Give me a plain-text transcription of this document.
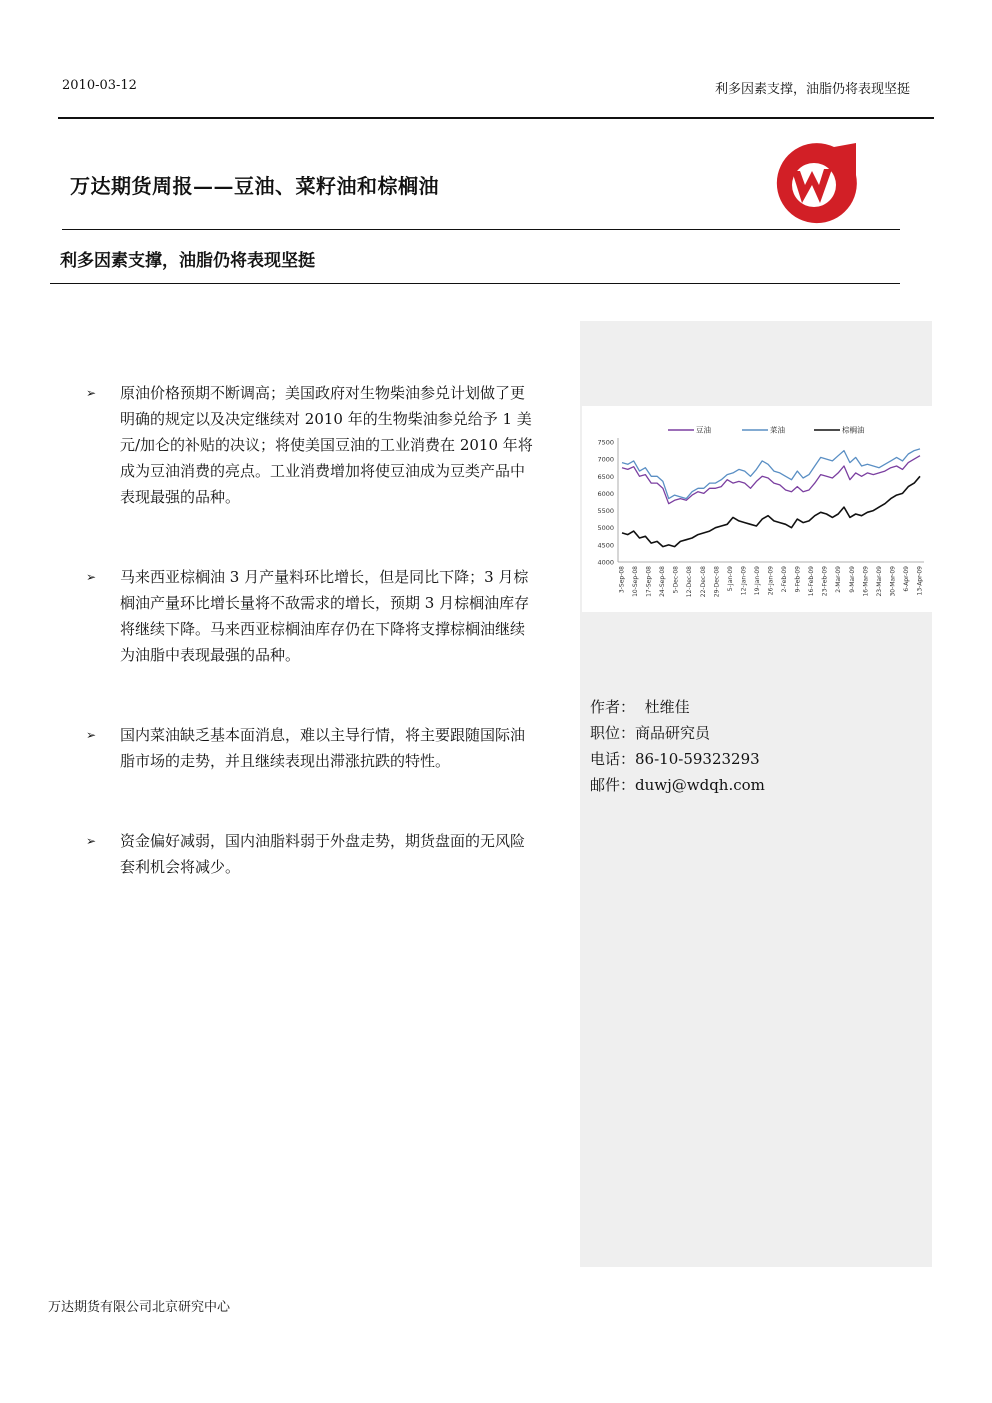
2010-03-12	利多因素支撑，油脂仍将表现坚挺
万达期货周报——豆油、菜籽油和棕榈油
利多因素支撑，油脂仍将表现坚挺
4000
4500
5000
5500
6000
6500
7000
7500
3-Sep-08 10-Sep-08 17-Sep-08 24-Sep-08 5-Dec-08 12-Dec-08 22-Dec-08 29-Dec-08 5-Jan-09 12-Jan-09 19-Jan-09 26-Jan-09 2-Feb-09 9-Feb-09 16-Feb-09 23-Feb-09 2-Mar-09 9-Mar-09 16-Mar-09 23-Mar-09 30-Mar-09 6-Apr-09 13-Apr-09
豆油	菜油	棕榈油

➢ 原油价格预期不断调高；美国政府对生物柴油参兑计划做了更明确的规定以及决定继续对 2010 年的生物柴油参兑给予 1 美元/加仑的补贴的决议；将使美国豆油的工业消费在 2010 年将成为豆油消费的亮点。工业消费增加将使豆油成为豆类产品中表现最强的品种。

➢ 马来西亚棕榈油 3 月产量料环比增长，但是同比下降；3 月棕榈油产量环比增长量将不敌需求的增长，预期 3 月棕榈油库存将继续下降。马来西亚棕榈油库存仍在下降将支撑棕榈油继续为油脂中表现最强的品种。

➢ 国内菜油缺乏基本面消息，难以主导行情，将主要跟随国际油脂市场的走势，并且继续表现出滞涨抗跌的特性。

➢ 资金偏好减弱，国内油脂料弱于外盘走势，期货盘面的无风险套利机会将减少。

作者： 杜维佳
职位：商品研究员
电话：86-10-59323293
邮件：duwj@wdqh.com
万达期货有限公司北京研究中心
